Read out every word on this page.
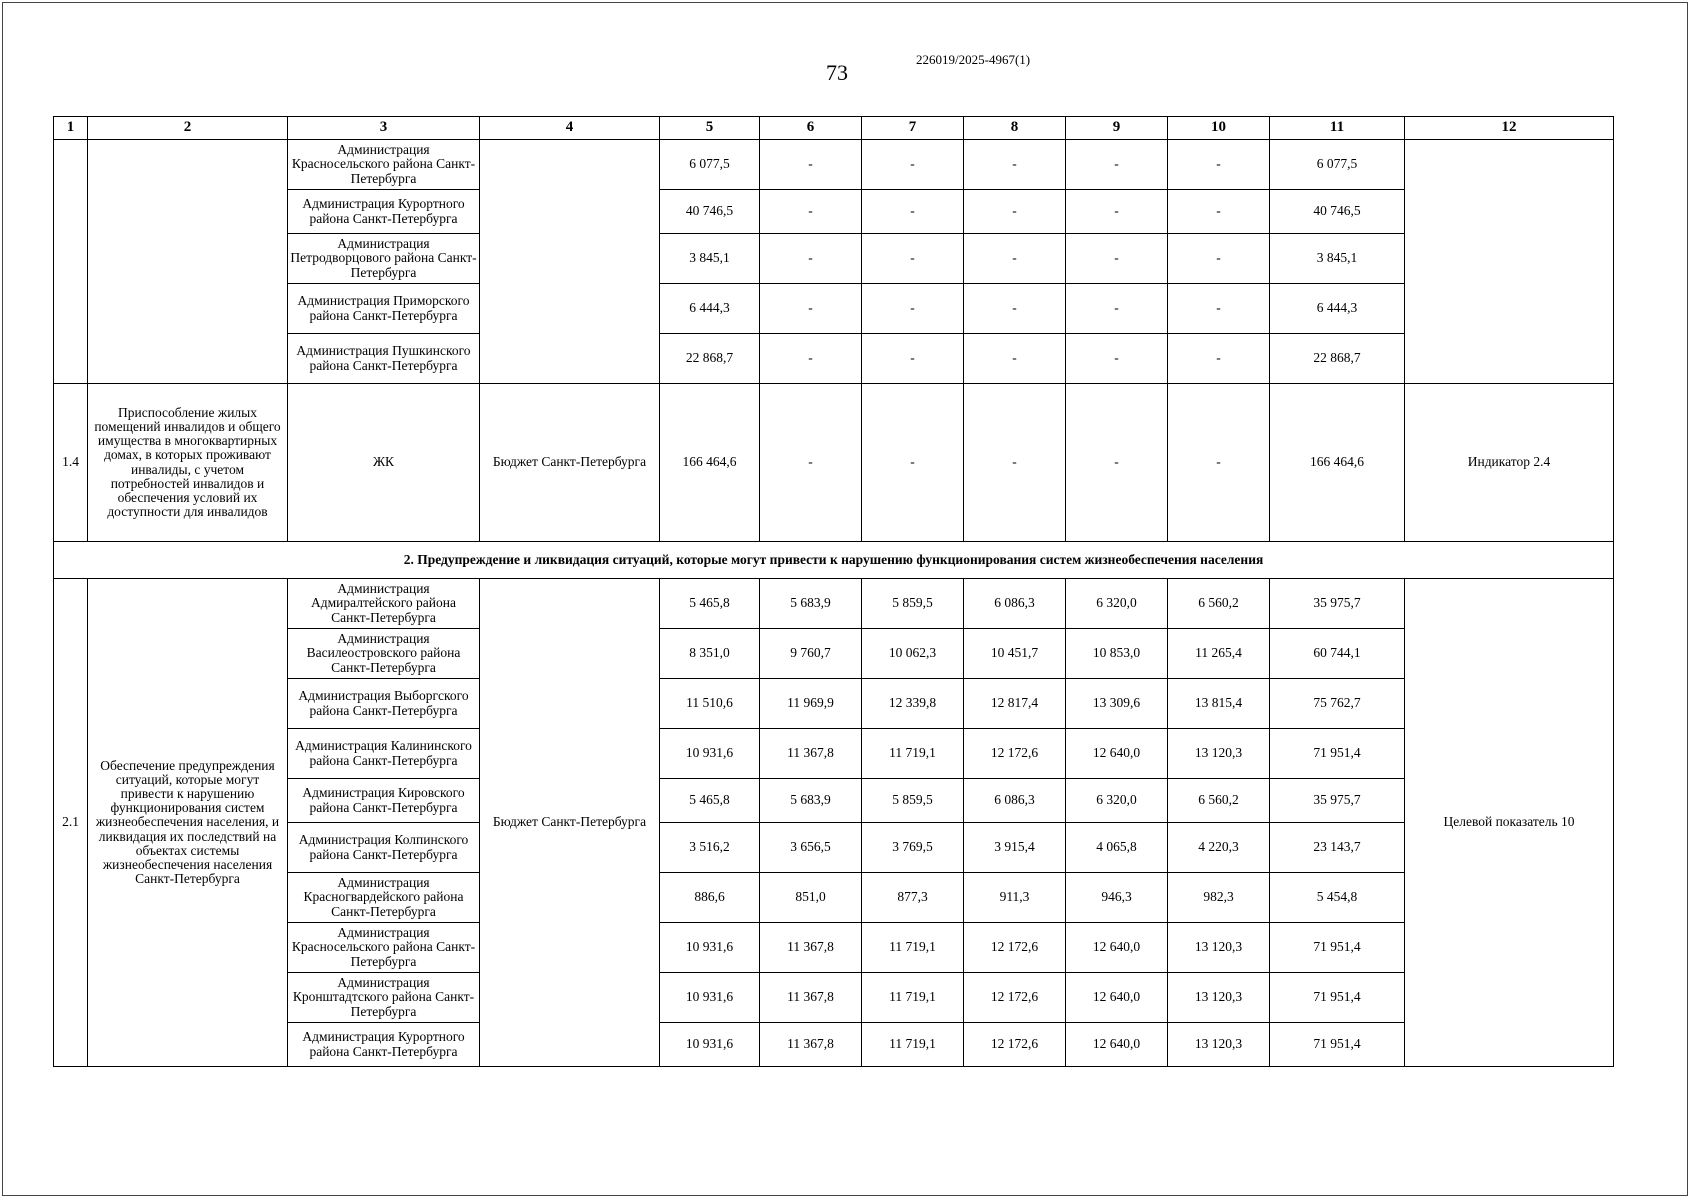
73
226019/2025-4967(1)
1	2	3	4	5	6	7	8	9	10	11	12
		Администрация Красносельского района Санкт-Петербурга		6 077,5	-	-	-	-	-	6 077,5	
		Администрация Курортного района Санкт-Петербурга		40 746,5	-	-	-	-	-	40 746,5	
		Администрация Петродворцового района Санкт-Петербурга		3 845,1	-	-	-	-	-	3 845,1	
		Администрация Приморского района Санкт-Петербурга		6 444,3	-	-	-	-	-	6 444,3	
		Администрация Пушкинского района Санкт-Петербурга		22 868,7	-	-	-	-	-	22 868,7	
1.4	Приспособление жилых помещений инвалидов и общего имущества в многоквартирных домах, в которых проживают инвалиды, с учетом потребностей инвалидов и обеспечения условий их доступности для инвалидов	ЖК	Бюджет Санкт-Петербурга	166 464,6	-	-	-	-	-	166 464,6	Индикатор 2.4
2. Предупреждение и ликвидация ситуаций, которые могут привести к нарушению функционирования систем жизнеобеспечения населения											
2.1	Обеспечение предупреждения ситуаций, которые могут привести к нарушению функционирования систем жизнеобеспечения населения, и ликвидация их последствий на объектах системы жизнеобеспечения населения Санкт-Петербурга	Администрация Адмиралтейского района Санкт-Петербурга	Бюджет Санкт-Петербурга	5 465,8	5 683,9	5 859,5	6 086,3	6 320,0	6 560,2	35 975,7	Целевой показатель 10
		Администрация Василеостровского района Санкт-Петербурга		8 351,0	9 760,7	10 062,3	10 451,7	10 853,0	11 265,4	60 744,1	
		Администрация Выборгского района Санкт-Петербурга		11 510,6	11 969,9	12 339,8	12 817,4	13 309,6	13 815,4	75 762,7	
		Администрация Калининского района Санкт-Петербурга		10 931,6	11 367,8	11 719,1	12 172,6	12 640,0	13 120,3	71 951,4	
		Администрация Кировского района Санкт-Петербурга		5 465,8	5 683,9	5 859,5	6 086,3	6 320,0	6 560,2	35 975,7	
		Администрация Колпинского района Санкт-Петербурга		3 516,2	3 656,5	3 769,5	3 915,4	4 065,8	4 220,3	23 143,7	
		Администрация Красногвардейского района Санкт-Петербурга		886,6	851,0	877,3	911,3	946,3	982,3	5 454,8	
		Администрация Красносельского района Санкт-Петербурга		10 931,6	11 367,8	11 719,1	12 172,6	12 640,0	13 120,3	71 951,4	
		Администрация Кронштадтского района Санкт-Петербурга		10 931,6	11 367,8	11 719,1	12 172,6	12 640,0	13 120,3	71 951,4	
		Администрация Курортного района Санкт-Петербурга		10 931,6	11 367,8	11 719,1	12 172,6	12 640,0	13 120,3	71 951,4	
